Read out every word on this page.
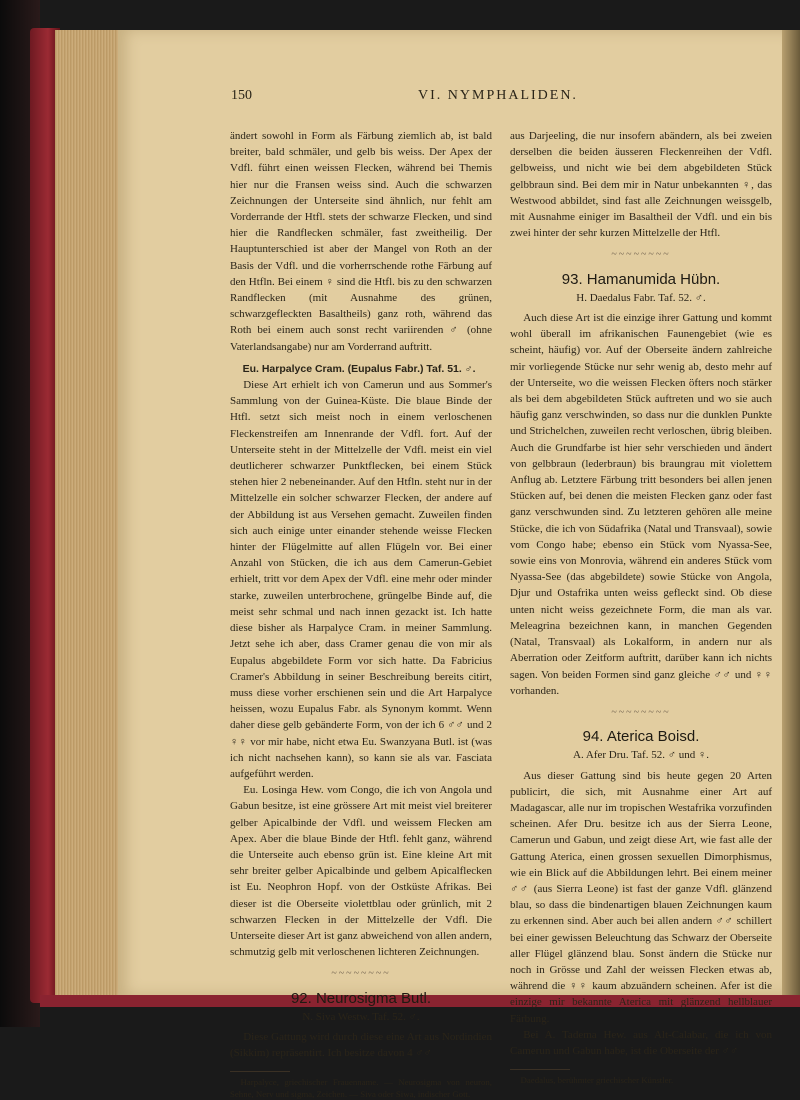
150	VI. NYMPHALIDEN.

ändert sowohl in Form als Färbung ziemlich ab, ist bald breiter, bald schmäler, und gelb bis weiss. Der Apex der Vdfl. führt einen weissen Flecken, während bei Themis hier nur die Fransen weiss sind. Auch die schwarzen Zeichnungen der Unterseite sind ähnlich, nur fehlt am Vorderrande der Htfl. stets der schwarze Flecken, und sind hier die Randflecken schmäler, fast zweitheilig. Der Hauptunterschied ist aber der Mangel von Roth an der Basis der Vdfl. und die vorherrschende rothe Färbung auf den Htfln. Bei einem ♀ sind die Htfl. bis zu den schwarzen Randflecken (mit Ausnahme des grünen, schwarzgefleckten Basaltheils) ganz roth, während das Roth bei einem auch sonst recht variirenden ♂ (ohne Vaterlandsangabe) nur am Vorderrand auftritt.

Eu. Harpalyce Cram. (Eupalus Fabr.) Taf. 51. ♂.

Diese Art erhielt ich von Camerun und aus Sommer's Sammlung von der Guinea-Küste. Die blaue Binde der Htfl. setzt sich meist noch in einem verloschenen Fleckenstreifen am Innenrande der Vdfl. fort. Auf der Unterseite steht in der Mittelzelle der Vdfl. meist ein viel deutlicherer schwarzer Punktflecken, bei einem Stück stehen hier 2 nebeneinander. Auf den Htfln. steht nur in der Mittelzelle ein solcher schwarzer Flecken, der andere auf der Abbildung ist aus Versehen gemacht. Zuweilen finden sich auch einige unter einander stehende weisse Flecken hinter der Flügelmitte auf allen Flügeln vor. Bei einer Anzahl von Stücken, die ich aus dem Camerun-Gebiet erhielt, tritt vor dem Apex der Vdfl. eine mehr oder minder starke, zuweilen unterbrochene, grüngelbe Binde auf, die meist sehr schmal und nach innen gezackt ist. Ich hatte diese bisher als Harpalyce Cram. in meiner Sammlung. Jetzt sehe ich aber, dass Cramer genau die von mir als Eupalus abgebildete Form vor sich hatte. Da Fabricius Cramer's Abbildung in seiner Beschreibung bereits citirt, muss diese vorher erschienen sein und die Art Harpalyce heissen, wozu Eupalus Fabr. als Synonym kommt. Wenn daher diese gelb gebänderte Form, von der ich 6 ♂♂ und 2 ♀♀ vor mir habe, nicht etwa Eu. Swanzyana Butl. ist (was ich nicht nachsehen kann), so kann sie als var. Fasciata aufgeführt werden.

Eu. Losinga Hew. vom Congo, die ich von Angola und Gabun besitze, ist eine grössere Art mit meist viel breiterer gelber Apicalbinde der Vdfl. und weissem Flecken am Apex. Aber die blaue Binde der Htfl. fehlt ganz, während die Unterseite auch ebenso grün ist. Eine kleine Art mit sehr breiter gelber Apicalbinde und gelbem Apicalflecken ist Eu. Neophron Hopf. von der Ostküste Afrikas. Bei dieser ist die Oberseite violettblau oder grünlich, mit 2 schwarzen Flecken in der Mittelzelle der Vdfl. Die Unterseite dieser Art ist ganz abweichend von allen andern, schmutzig gelb mit verloschenen lichteren Zeichnungen.

~~~~~~~~
92. Neurosigma Butl.
N. Siva Westw. Taf. 52. ♂.

Diese Gattung wird durch diese eine Art aus Nordindien (Sikkim) repräsentirt. Ich besitze davon 4 ♂♂

Harpalyce, griechischer Frauenname. — Neurosigma von neuron, Sehne, Nerv und sigma, Zeichen. — Siva oder Siwa, indischer Gott.

aus Darjeeling, die nur insofern abändern, als bei zweien derselben die beiden äusseren Fleckenreihen der Vdfl. gelbweiss, und nicht wie bei dem abgebildeten Stück gelbbraun sind. Bei dem mir in Natur unbekannten ♀, das Westwood abbildet, sind fast alle Zeichnungen weissgelb, mit Ausnahme einiger im Basaltheil der Vdfl. und ein bis zwei hinter der sehr kurzen Mittelzelle der Htfl.

~~~~~~~~
93. Hamanumida Hübn.
H. Daedalus Fabr. Taf. 52. ♂.

Auch diese Art ist die einzige ihrer Gattung und kommt wohl überall im afrikanischen Faunengebiet (wie es scheint, häufig) vor. Auf der Oberseite ändern zahlreiche mir vorliegende Stücke nur sehr wenig ab, desto mehr auf der Unterseite, wo die weissen Flecken öfters noch stärker als bei dem abgebildeten Stück auftreten und wo sie auch häufig ganz verschwinden, so dass nur die dunklen Punkte und Strichelchen, zuweilen recht verloschen, übrig bleiben. Auch die Grundfarbe ist hier sehr verschieden und ändert von gelbbraun (lederbraun) bis braungrau mit violettem Anflug ab. Letztere Färbung tritt besonders bei allen jenen Stücken auf, bei denen die meisten Flecken ganz oder fast ganz verschwunden sind. Zu letzteren gehören alle meine Stücke, die ich von Südafrika (Natal und Transvaal), sowie vom Congo habe; ebenso ein Stück vom Nyassa-See, sowie eins von Monrovia, während ein anderes Stück vom Nyassa-See (das abgebildete) sowie Stücke von Angola, Djur und Ostafrika unten weiss gefleckt sind. Ob diese unten nicht weiss gezeichnete Form, die man als var. Meleagrina bezeichnen kann, in manchen Gegenden (Natal, Transvaal) als Lokalform, in andern nur als Aberration oder Zeitform auftritt, darüber kann ich nichts sagen. Von beiden Formen sind ganz gleiche ♂♂ und ♀♀ vorhanden.

~~~~~~~~
94. Aterica Boisd.
A. Afer Dru. Taf. 52. ♂ und ♀.

Aus dieser Gattung sind bis heute gegen 20 Arten publicirt, die sich, mit Ausnahme einer Art auf Madagascar, alle nur im tropischen Westafrika vorzufinden scheinen. Afer Dru. besitze ich aus der Sierra Leone, Camerun und Gabun, und zeigt diese Art, wie fast alle der Gattung Aterica, einen grossen sexuellen Dimorphismus, wie ein Blick auf die Abbildungen lehrt. Bei einem meiner ♂♂ (aus Sierra Leone) ist fast der ganze Vdfl. glänzend blau, so dass die bindenartigen blauen Zeichnungen kaum zu erkennen sind. Aber auch bei allen andern ♂♂ schillert bei einer gewissen Beleuchtung das Schwarz der Oberseite aller Flügel glänzend blau. Sonst ändern die Stücke nur noch in Grösse und Zahl der weissen Flecken etwas ab, während die ♀♀ kaum abzuändern scheinen. Afer ist die einzige mir bekannte Aterica mit glänzend hellblauer Färbung.

Bei A. Tadema Hew. aus Alt-Calabar, die ich von Camerun und Gabun habe, ist die Oberseite der ♂♂

Daedalus, berühmter griechischer Künstler.
